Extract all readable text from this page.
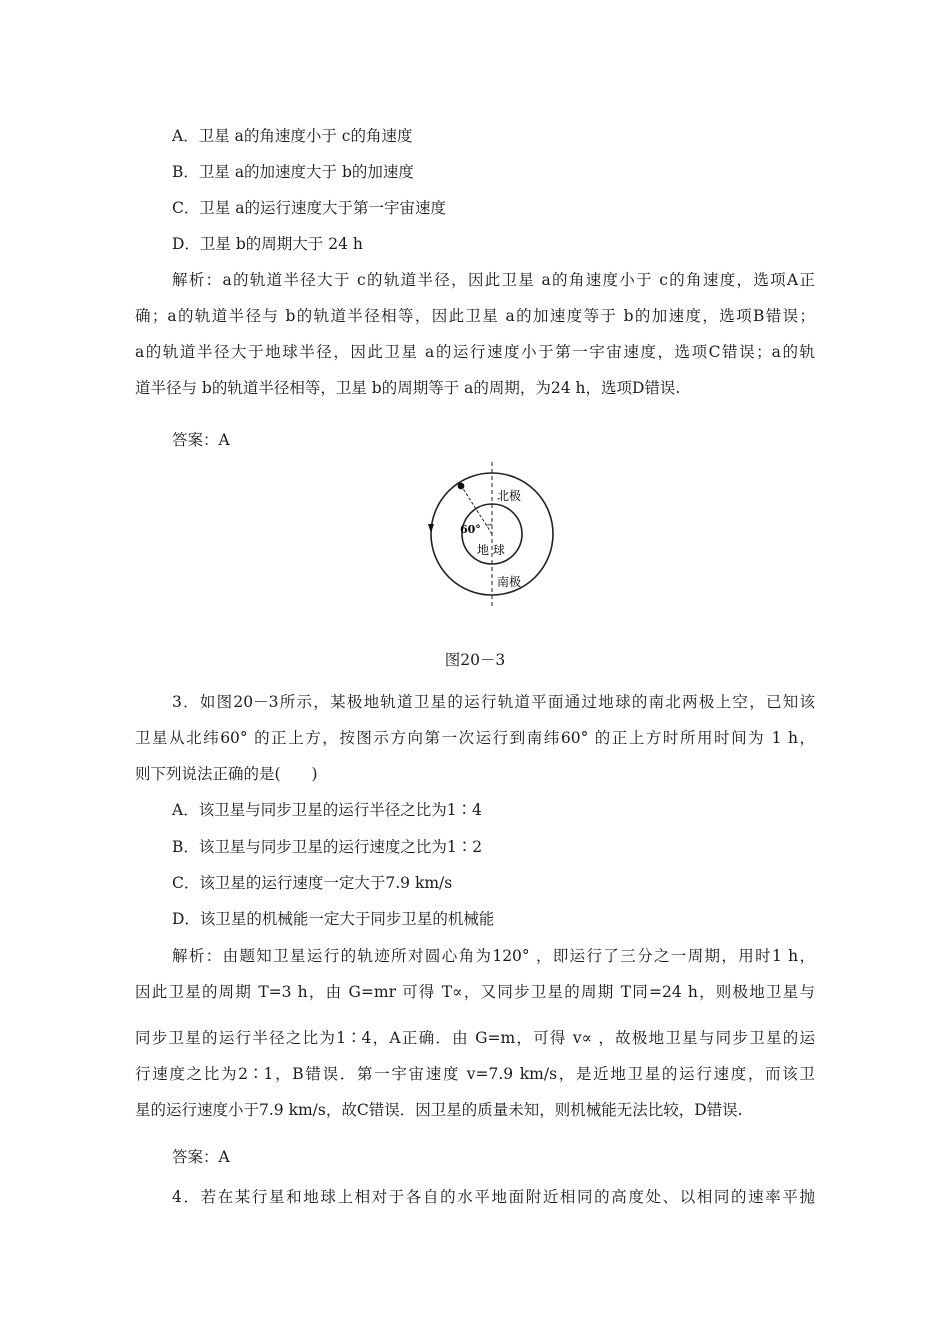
A．卫星 a的角速度小于 c的角速度
B．卫星 a的加速度大于 b的加速度
C．卫星 a的运行速度大于第一宇宙速度
D．卫星 b的周期大于 24 h
解析：a的轨道半径大于 c的轨道半径，因此卫星 a的角速度小于 c的角速度，选项A正
确；a的轨道半径与 b的轨道半径相等，因此卫星 a的加速度等于 b的加速度，选项B错误；
a的轨道半径大于地球半径，因此卫星 a的运行速度小于第一宇宙速度，选项C错误；a的轨
道半径与 b的轨道半径相等，卫星 b的周期等于 a的周期，为24 h，选项D错误.
答案：A
北极
60°
地 球
南极
图20－3
3．如图20－3所示，某极地轨道卫星的运行轨道平面通过地球的南北两极上空，已知该
卫星从北纬60° 的正上方，按图示方向第一次运行到南纬60° 的正上方时所用时间为 1 h，
则下列说法正确的是(　　)
A．该卫星与同步卫星的运行半径之比为1∶4
B．该卫星与同步卫星的运行速度之比为1∶2
C．该卫星的运行速度一定大于7.9 km/s
D．该卫星的机械能一定大于同步卫星的机械能
解析：由题知卫星运行的轨迹所对圆心角为120° ，即运行了三分之一周期，用时1 h，
因此卫星的周期 T=3 h，由 G=mr 可得 T∝，又同步卫星的周期 T同=24 h，则极地卫星与
同步卫星的运行半径之比为1∶4，A正确．由 G=m，可得 v∝ ，故极地卫星与同步卫星的运
行速度之比为2∶1，B错误．第一宇宙速度 v=7.9 km/s，是近地卫星的运行速度，而该卫
星的运行速度小于7.9 km/s，故C错误．因卫星的质量未知，则机械能无法比较，D错误.
答案：A
4．若在某行星和地球上相对于各自的水平地面附近相同的高度处、以相同的速率平抛
